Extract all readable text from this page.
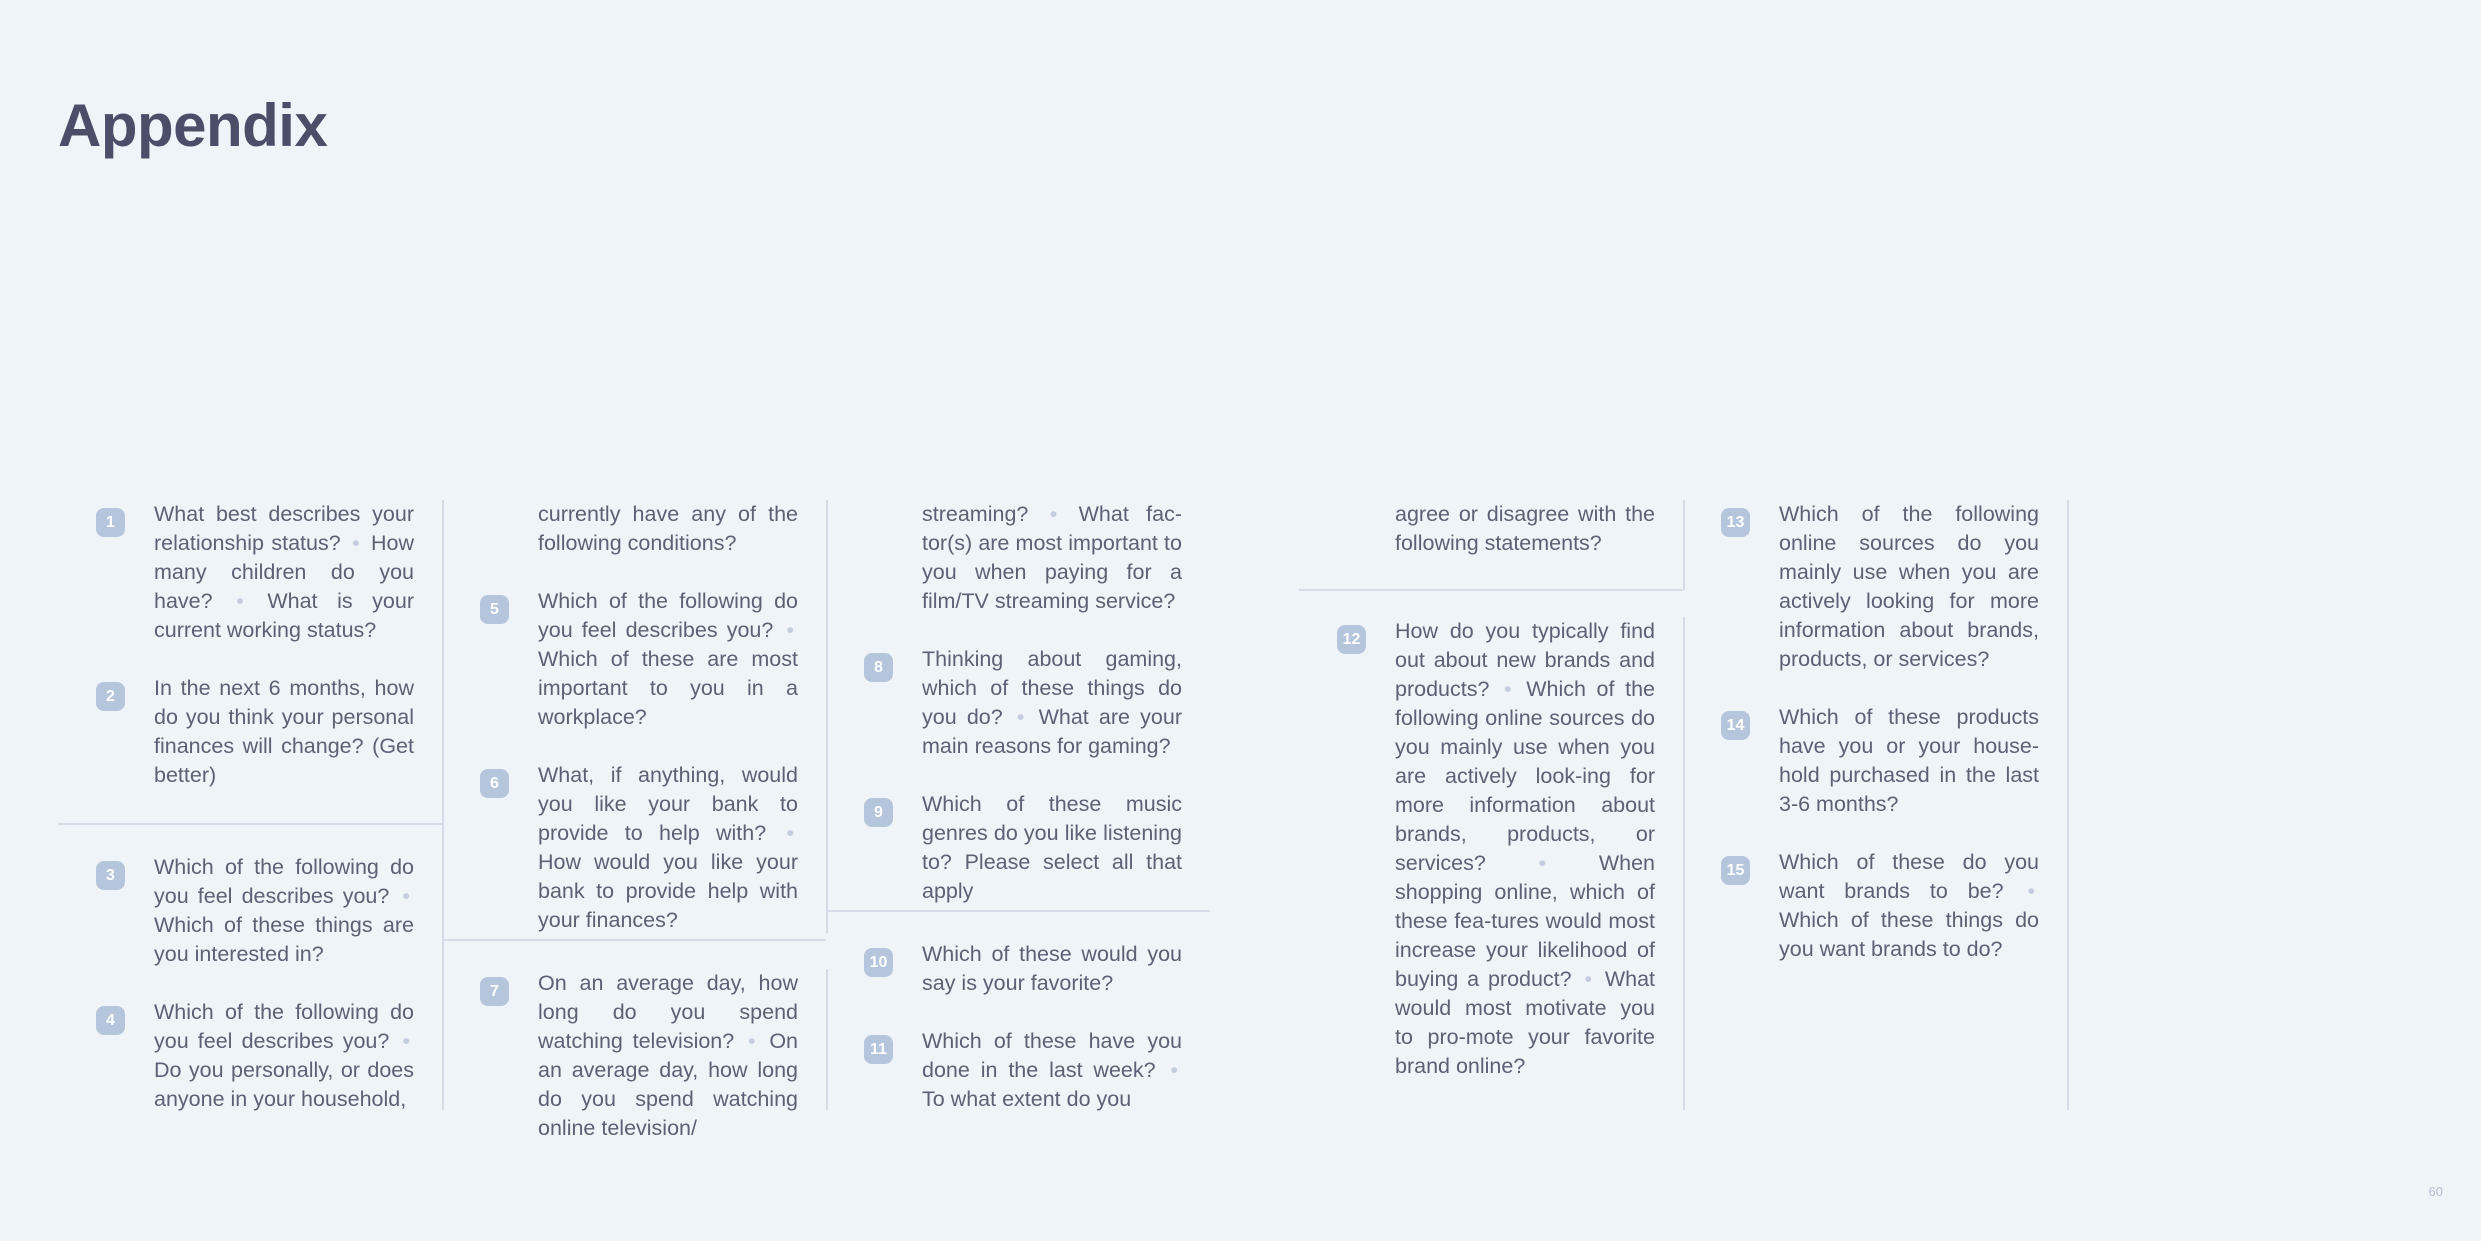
Appendix
1	What best describes your relationship status? • How many children do you have? • What is your current working status?
2	In the next 6 months, how do you think your personal finances will change? (Get better)
3	Which of the following do you feel describes you? • Which of these things are you interested in?
4	Which of the following do you feel describes you? • Do you personally, or does anyone in your household,
currently have any of the following conditions?
5	Which of the following do you feel describes you? • Which of these are most important to you in a workplace?
6	What, if anything, would you like your bank to provide to help with? • How would you like your bank to provide help with your finances?
7	On an average day, how long do you spend watching television? • On an average day, how long do you spend watching online television/
streaming? • What fac-tor(s) are most important to you when paying for a film/TV streaming service?
8	Thinking about gaming, which of these things do you do? • What are your main reasons for gaming?
9	Which of these music genres do you like listening to? Please select all that apply
10 Which of these would you say is your favorite?
11 Which of these have you done in the last week? • To what extent do you
agree or disagree with the following statements?
12 How do you typically find out about new brands and products? • Which of the following online sources do you mainly use when you are actively look-ing for more information about brands, products, or services? • When shopping online, which of these fea-tures would most increase your likelihood of buying a product? • What would most motivate you to pro-mote your favorite brand online?
13 Which of the following online sources do you mainly use when you are actively looking for more information about brands, products, or services?
14 Which of these products have you or your house-hold purchased in the last 3-6 months?
15 Which of these do you want brands to be? • Which of these things do you want brands to do?
60
